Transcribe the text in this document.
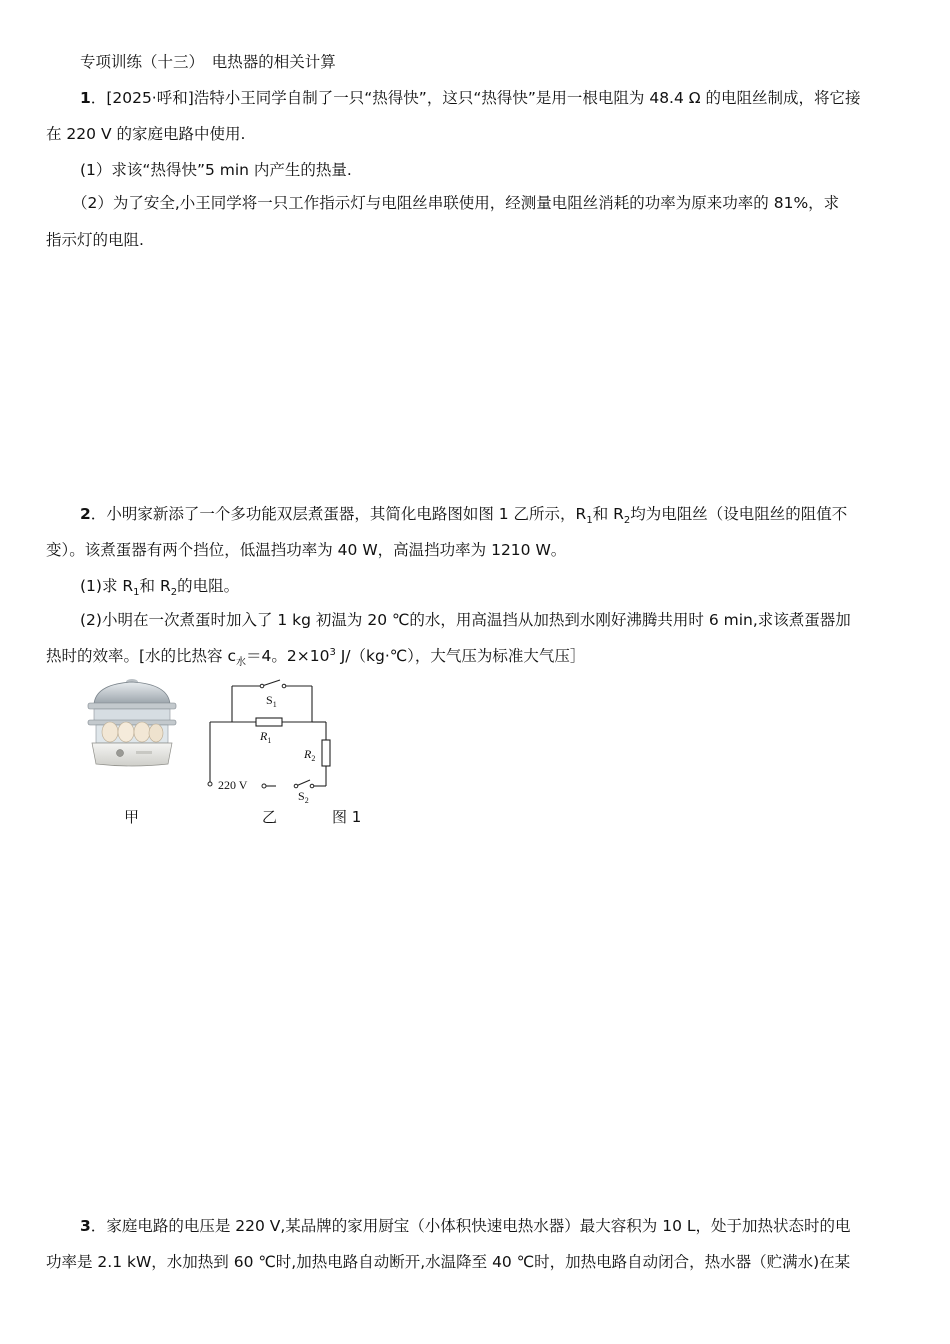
专项训练（十三）　电热器的相关计算
1．[2025·呼和]浩特小王同学自制了一只“热得快”，这只“热得快”是用一根电阻为 48.4 Ω 的电阻丝制成，将它接
在 220 V 的家庭电路中使用.
(1）求该“热得快”5 min 内产生的热量.
（2）为了安全,小王同学将一只工作指示灯与电阻丝串联使用，经测量电阻丝消耗的功率为原来功率的 81%，求
指示灯的电阻.
2．小明家新添了一个多功能双层煮蛋器，其简化电路图如图 1 乙所示，$R_1$和 $R_2$均为电阻丝（设电阻丝的阻值不
变）。该煮蛋器有两个挡位，低温挡功率为 40 W，高温挡功率为 1210 W。
(1)求 $R_1$和 $R_2$的电阻。
(2)小明在一次煮蛋时加入了 1 kg 初温为 20 ℃的水，用高温挡从加热到水刚好沸腾共用时 6 min,求该煮蛋器加
热时的效率。[水的比热容 $c_水=4$。$2\times 10^3$ J/（kg·℃），大气压为标准大气压］
$S_1$
$R_1$
$R_2$
220 V
$S_2$
甲	乙	图 1
3．家庭电路的电压是 220 V,某品牌的家用厨宝（小体积快速电热水器）最大容积为 10 L，处于加热状态时的电
功率是 2.1 kW，水加热到 60 ℃时,加热电路自动断开,水温降至 40 ℃时，加热电路自动闭合，热水器（贮满水)在某
